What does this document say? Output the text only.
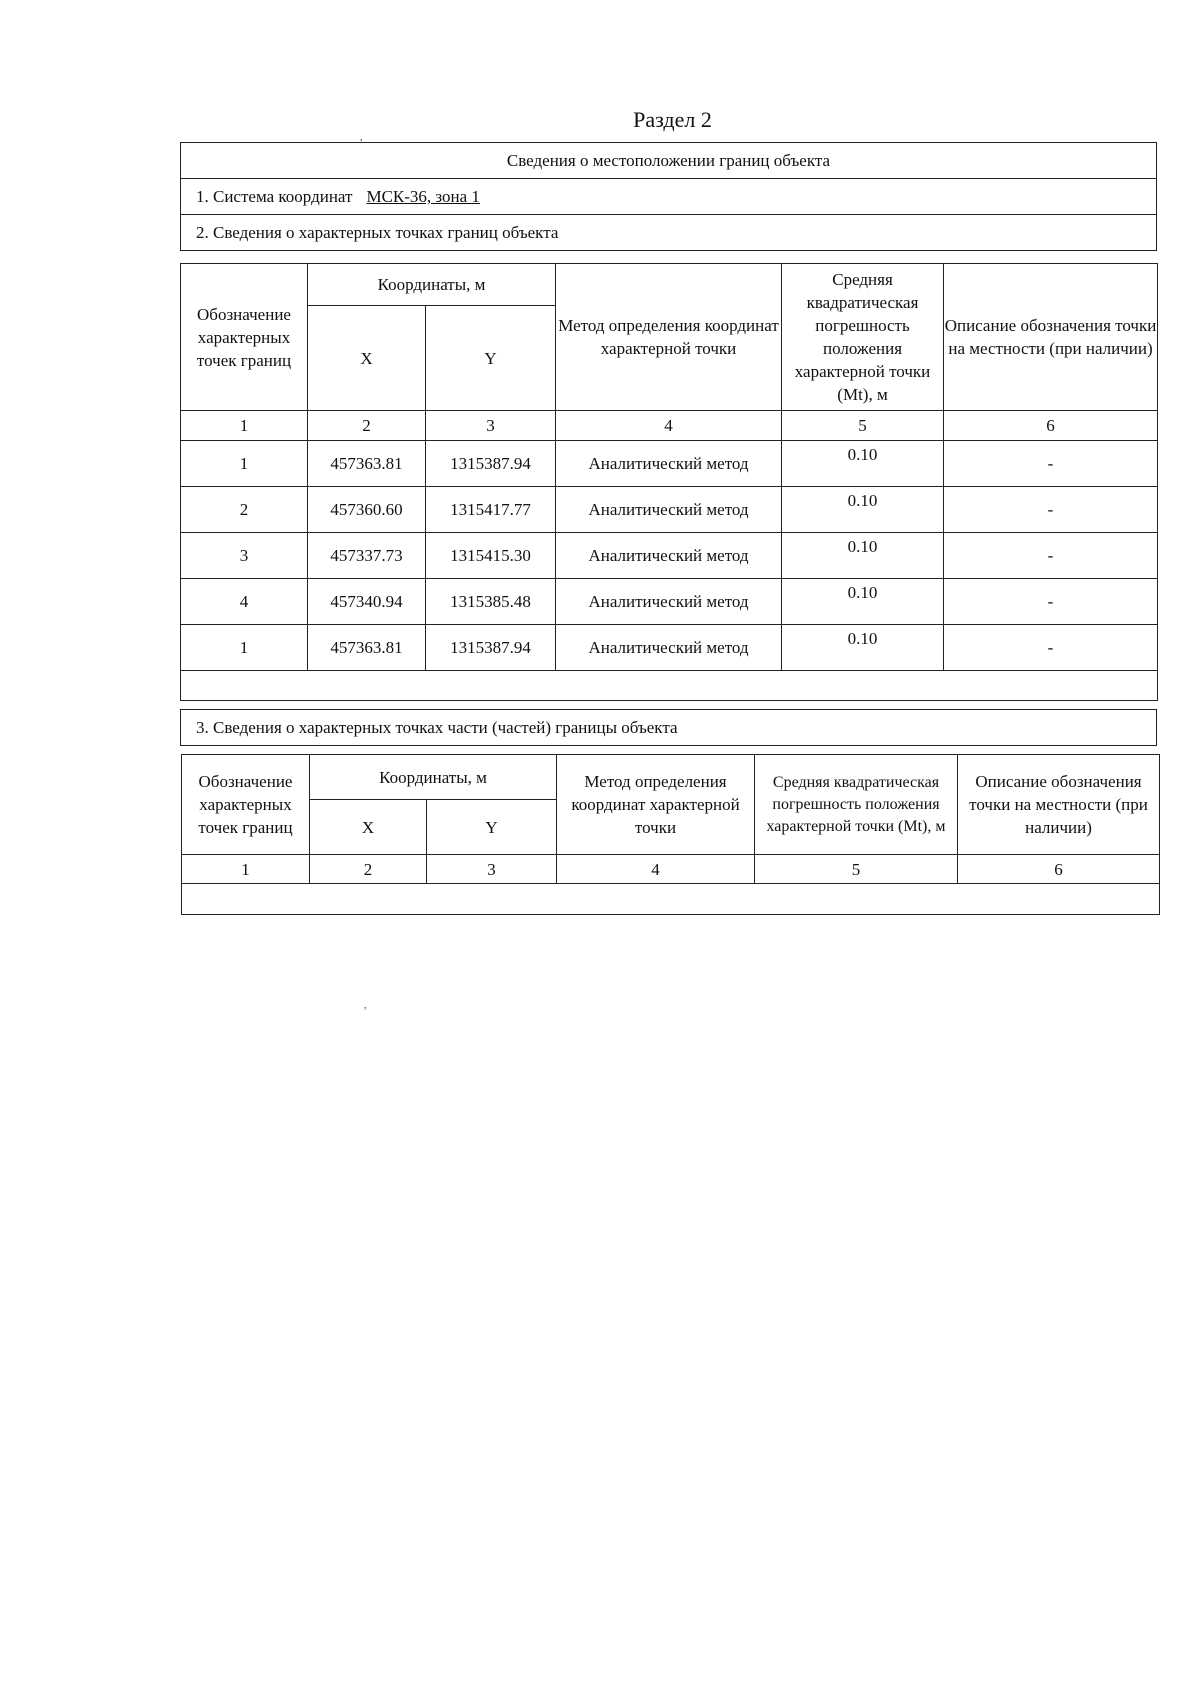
Раздел 2
,
,
Сведения о местоположении границ объекта
1. Система координат МСК-36, зона 1
2. Сведения о характерных точках границ объекта
Обозначение характерных точек границ	Координаты, м		Метод определения координат характерной точки	Средняя квадратическая погрешность положения характерной точки (Mt), м	Описание обозначения точки на местности (при наличии)
	X	Y			
1	2	3	4	5	6
1	457363.81	1315387.94	Аналитический метод	0.10	-
2	457360.60	1315417.77	Аналитический метод	0.10	-
3	457337.73	1315415.30	Аналитический метод	0.10	-
4	457340.94	1315385.48	Аналитический метод	0.10	-
1	457363.81	1315387.94	Аналитический метод	0.10	-

3. Сведения о характерных точках части (частей) границы объекта
Обозначение характерных точек границ	Координаты, м		Метод определения координат характерной точки	Средняя квадратическая погрешность положения характерной точки (Mt), м	Описание обозначения точки на местности (при наличии)
	X	Y			
1	2	3	4	5	6
